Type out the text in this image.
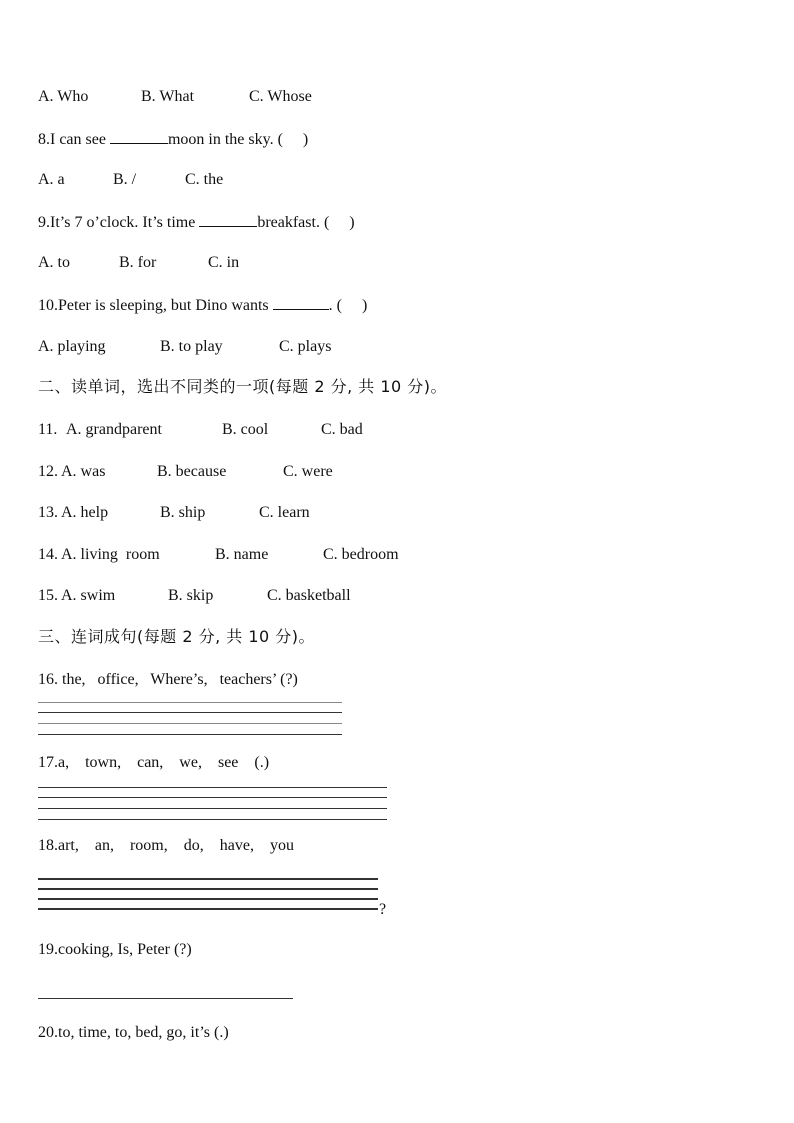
A. Who	B. What	C. Whose
8.I can see	moon in the sky. (     )
A. a	B. /	C. the
9.It’s 7 o’clock. It’s time	breakfast. (     )
A. to	B. for	C. in
10.Peter is sleeping, but Dino wants	. (     )
A. playing	B. to play	C. plays
二、读单词，选出不同类的一项(每题 2 分, 共 10 分)。
11. A. grandparent	B. cool	C. bad
12. A. was	B. because	C. were
13. A. help	B. ship	C. learn
14. A. living  room	B. name	C. bedroom
15. A. swim	B. skip	C. basketball
三、连词成句(每题 2 分, 共 10 分)。
16. the,   office,   Where’s,   teachers’ (?)
17.a,    town,    can,    we,    see    (.)
18.art,    an,    room,    do,    have,    you
?
19.cooking, Is, Peter (?)
20.to, time, to, bed, go, it’s (.)
